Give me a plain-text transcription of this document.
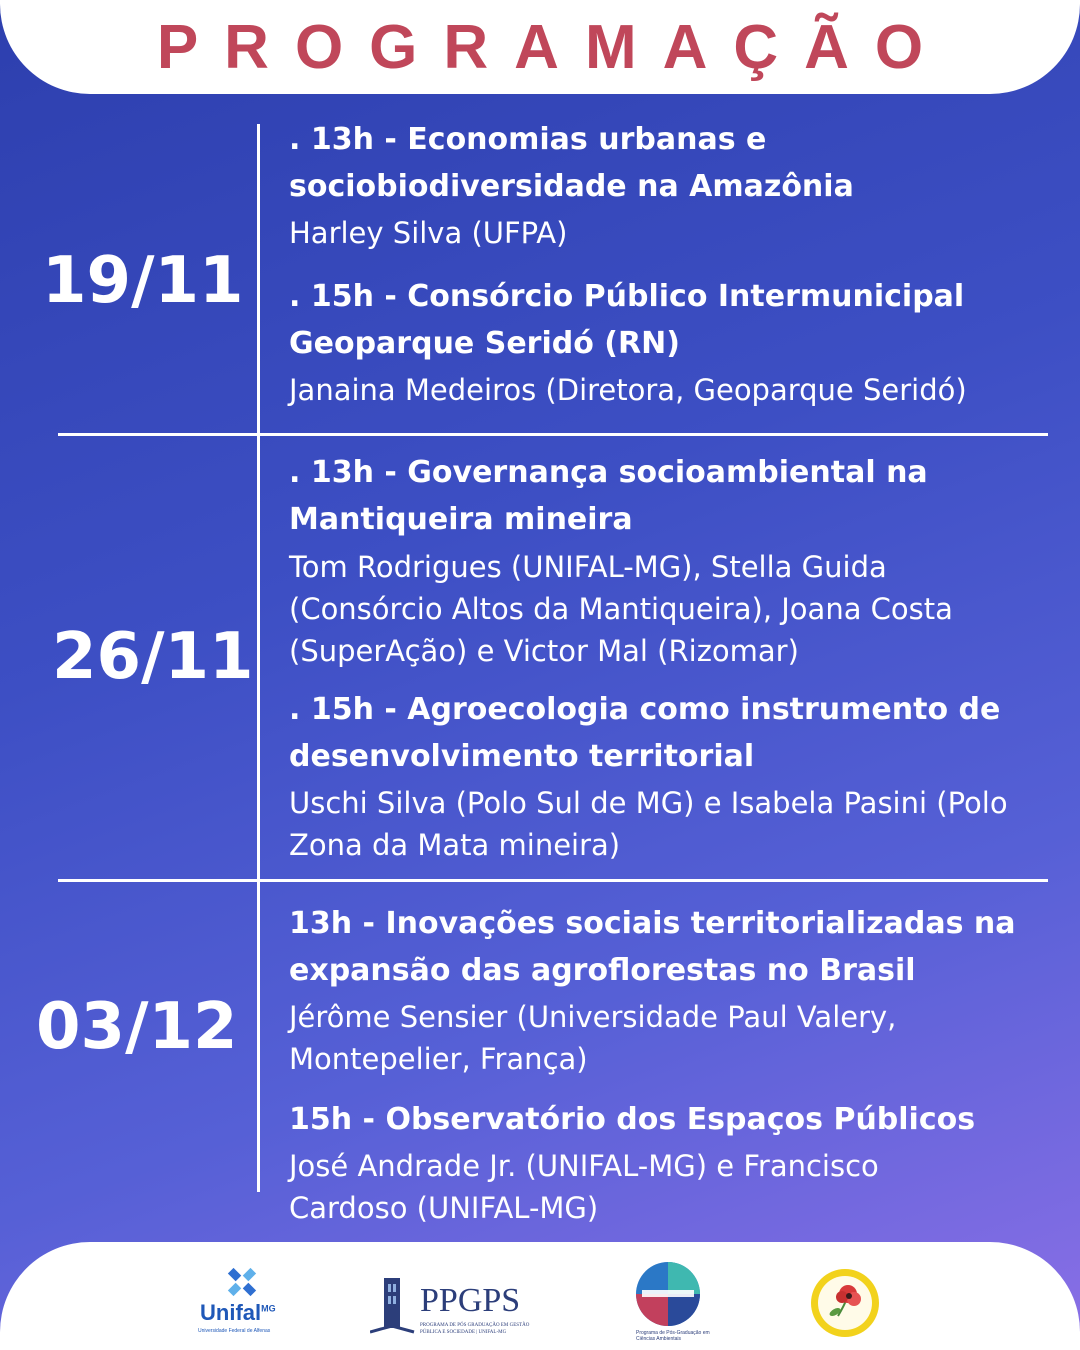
PROGRAMAÇÃO
19/11
. 13h - Economias urbanas e sociobiodiversidade na Amazônia
Harley Silva (UFPA)
. 15h - Consórcio Público Intermunicipal Geoparque Seridó (RN)
Janaina Medeiros (Diretora, Geoparque Seridó)
26/11
. 13h - Governança socioambiental na Mantiqueira mineira
Tom Rodrigues (UNIFAL-MG), Stella Guida (Consórcio Altos da Mantiqueira), Joana Costa (SuperAção) e Victor Mal (Rizomar)
. 15h - Agroecologia como instrumento de desenvolvimento territorial
Uschi Silva (Polo Sul de MG) e Isabela Pasini (Polo Zona da Mata mineira)
03/12
13h - Inovações sociais territorializadas na expansão das agroflorestas no Brasil
Jérôme Sensier (Universidade Paul Valery, Montepelier, França)
15h - Observatório dos Espaços Públicos
José Andrade Jr. (UNIFAL-MG) e Francisco Cardoso (UNIFAL-MG)
Unifal$^{MG}$
Universidade Federal de Alfenas
PPGPS
PROGRAMA DE PÓS GRADUAÇÃO EM GESTÃO PÚBLICA E SOCIEDADE | UNIFAL-MG	Programa de Pós-Graduação em Ciências Ambientais
